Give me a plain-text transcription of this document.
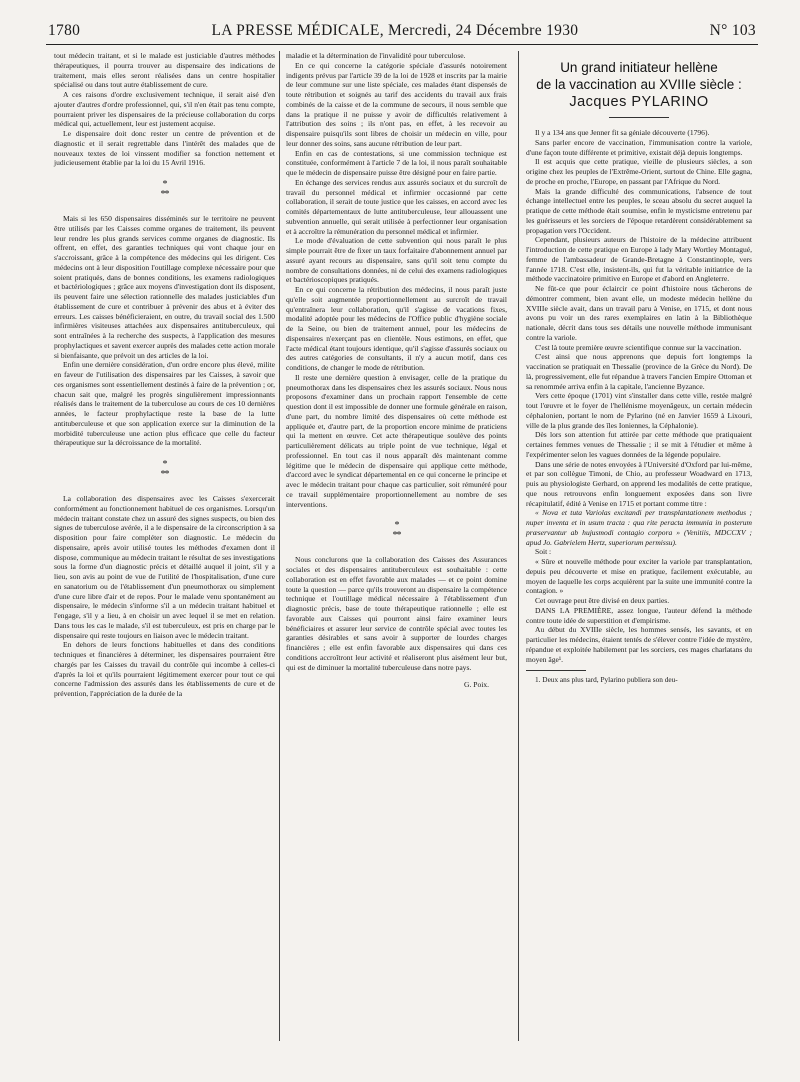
1780	LA PRESSE MÉDICALE, Mercredi, 24 Décembre 1930	N° 103

tout médecin traitant, et si le malade est justiciable d'autres méthodes thérapeutiques, il pourra trouver au dispensaire des indications de traitement, mais elles seront réalisées dans un centre hospitalier spécialisé ou dans tout autre établissement de cure.

A ces raisons d'ordre exclusivement technique, il serait aisé d'en ajouter d'autres d'ordre professionnel, qui, s'il n'en était pas tenu compte, pourraient priver les dispensaires de la précieuse collaboration du corps médical qui, actuellement, leur est justement acquise.

Le dispensaire doit donc rester un centre de prévention et de diagnostic et il serait regrettable dans l'intérêt des malades que de nouveaux textes de loi vinssent modifier sa fonction nettement et judicieusement établie par la loi du 15 Avril 1916.

*
**

Mais si les 650 dispensaires disséminés sur le territoire ne peuvent être utilisés par les Caisses comme organes de traitement, ils peuvent leur rendre les plus grands services comme organes de diagnostic. Ils offrent, en effet, des garanties techniques qui vont chaque jour en s'accroissant, grâce à la compétence des médecins qui les dirigent. Ces médecins ont à leur disposition l'outillage complexe nécessaire pour que soient pratiqués, dans de bonnes conditions, les examens radiologiques et bactériologiques ; grâce aux moyens d'investigation dont ils disposent, ils peuvent faire une sélection rationnelle des malades justiciables d'un établissement de cure et contribuer à prévenir des abus et à éviter des erreurs. Les caisses bénéficieraient, en outre, du travail social des 1.500 infirmières visiteuses attachées aux dispensaires antituberculeux, qui sont entraînées à la recherche des suspects, à l'application des mesures prophylactiques et savent exercer auprès des malades cette action morale si bienfaisante, que prévoit un des articles de la loi.

Enfin une dernière considération, d'un ordre encore plus élevé, milite en faveur de l'utilisation des dispensaires par les Caisses, à savoir que ces organismes sont essentiellement destinés à faire de la prévention ; or, chacun sait que, malgré les progrès singulièrement impressionnants réalisés dans le traitement de la tuberculose au cours de ces 10 dernières années, le facteur prophylactique reste la base de la lutte antituberculeuse et que son application exerce sur la diminution de la morbidité tuberculeuse une action plus efficace que celle du facteur thérapeutique sur la décroissance de la mortalité.

*
**

La collaboration des dispensaires avec les Caisses s'exercerait conformément au fonctionnement habituel de ces organismes. Lorsqu'un médecin traitant constate chez un assuré des signes suspects, ou bien des signes de tuberculose avérée, il a le dispensaire de la circonscription à sa disposition pour faire compléter son diagnostic. Le médecin du dispensaire, après avoir utilisé toutes les méthodes d'examen dont il dispose, communique au médecin traitant le résultat de ses investigations sous la forme d'un diagnostic précis et détaillé auquel il joint, s'il y a lieu, son avis au point de vue de l'utilité de l'hospitalisation, d'une cure en sanatorium ou de l'établissement d'un pneumothorax ou simplement d'une cure libre d'air et de repos. Pour le malade venu spontanément au dispensaire, le médecin s'informe s'il a un médecin traitant habituel et l'engage, s'il y a lieu, à en choisir un avec lequel il se met en relation. Dans tous les cas le malade, s'il est tuberculeux, est pris en charge par le dispensaire qui reste toujours en liaison avec le médecin traitant.

En dehors de leurs fonctions habituelles et dans des conditions techniques et financières à déterminer, les dispensaires pourraient être chargés par les Caisses du travail du contrôle qui incombe à celles-ci d'après la loi et qu'ils pourraient légitimement exercer pour tout ce qui concerne l'admission des assurés dans les établissements de cure et de prévention, l'appréciation de la durée de la

maladie et la détermination de l'invalidité pour tuberculose.

En ce qui concerne la catégorie spéciale d'assurés notoirement indigents prévus par l'article 39 de la loi de 1928 et inscrits par la mairie de leur commune sur une liste spéciale, ces malades étant dispensés de toute rétribution et soignés au tarif des accidents du travail aux frais combinés de la caisse et de la commune de secours, il nous semble que dans la pratique il ne puisse y avoir de difficultés relativement à l'attribution des soins ; ils n'ont pas, en effet, à les recevoir au dispensaire puisqu'ils sont libres de choisir un médecin en ville, pour leur donner des soins, sans aucune rétribution de leur part.

Enfin en cas de contestations, si une commission technique est constituée, conformément à l'article 7 de la loi, il nous paraît souhaitable que le médecin de dispensaire puisse être désigné pour en faire partie.

En échange des services rendus aux assurés sociaux et du surcroît de travail du personnel médical et infirmier occasionné par cette collaboration, il serait de toute justice que les caisses, en accord avec les comités départementaux de lutte antituberculeuse, leur allouassent une subvention annuelle, qui serait utilisée à perfectionner leur organisation et à accroître la rémunération du personnel médical et infirmier.

Le mode d'évaluation de cette subvention qui nous paraît le plus simple pourrait être de fixer un taux forfaitaire d'abonnement annuel par assuré ayant recours au dispensaire, sans qu'il soit tenu compte du nombre de consultations données, ni de celui des examens radiologiques et bactérioscopiques pratiqués.

En ce qui concerne la rétribution des médecins, il nous paraît juste qu'elle soit augmentée proportionnellement au surcroît de travail qu'entraînera leur collaboration, qu'il s'agisse de vacations fixes, modalité adoptée pour les médecins de l'Office public d'hygiène sociale de la Seine, ou bien de traitement annuel, pour les médecins de dispensaires n'exerçant pas en clientèle. Nous estimons, en effet, que l'acte médical étant toujours identique, qu'il s'agisse d'assurés sociaux ou des autres catégories de consultants, il n'y a aucun motif, dans ces conditions, de changer le mode de rétribution.

Il reste une dernière question à envisager, celle de la pratique du pneumothorax dans les dispensaires chez les assurés sociaux. Nous nous proposons d'examiner dans un prochain rapport l'ensemble de cette question dont il est impossible de donner une formule générale en raison, d'une part, du nombre limité des dispensaires où cette méthode est appliquée et, d'autre part, de la proportion encore minime de praticiens qui la mettent en œuvre. Cet acte thérapeutique soulève des points particulièrement délicats au triple point de vue technique, légal et professionnel. En tout cas il nous apparaît dès maintenant comme légitime que le médecin de dispensaire qui applique cette méthode, d'accord avec le syndicat départemental en ce qui concerne le principe et avec le médecin traitant pour chaque cas particulier, soit rémunéré pour ce travail supplémentaire proportionnellement au nombre de ses interventions.

*
**

Nous conclurons que la collaboration des Caisses des Assurances sociales et des dispensaires antituberculeux est souhaitable : cette collaboration est en effet favorable aux malades — et ce point domine toute la question — parce qu'ils trouveront au dispensaire la compétence technique et l'outillage médical nécessaire à l'établissement d'un diagnostic précis, base de toute thérapeutique rationnelle ; elle est favorable aux Caisses qui pourront ainsi faire examiner leurs bénéficiaires et assurer leur service de contrôle spécial avec toutes les garanties désirables et sans avoir à supporter de lourdes charges financières ; elle est enfin favorable aux dispensaires qui dans ces conditions accroîtront leur activité et réaliseront plus aisément leur but, qui est de diminuer la mortalité tuberculeuse dans notre pays.

G. Poix.
Un grand initiateur hellène
de la vaccination au XVIIIe siècle :
Jacques PYLARINO

Il y a 134 ans que Jenner fit sa géniale découverte (1796).

Sans parler encore de vaccination, l'immunisation contre la variole, d'une façon toute différente et primitive, existait déjà depuis longtemps.

Il est acquis que cette pratique, vieille de plusieurs siècles, a son origine chez les peuples de l'Extrême-Orient, surtout de Chine. Elle gagna, de proche en proche, l'Europe, en passant par l'Afrique du Nord.

Mais la grande difficulté des communications, l'absence de tout échange intellectuel entre les peuples, le sceau absolu du secret auquel la pratique de cette méthode était soumise, enfin le mysticisme entretenu par les guérisseurs et les sorciers de l'époque retardèrent considérablement sa propagation vers l'Occident.

Cependant, plusieurs auteurs de l'histoire de la médecine attribuent l'introduction de cette pratique en Europe à lady Mary Wortley Montagué, femme de l'ambassadeur de Grande-Bretagne à Constantinople, vers l'année 1718. C'est elle, insistent-ils, qui fut la véritable initiatrice de la méthode vaccinatoire primitive en Europe et d'abord en Angleterre.

Ne fût-ce que pour éclaircir ce point d'histoire nous tâcherons de démontrer comment, bien avant elle, un modeste médecin hellène du XVIIIe siècle avait, dans un travail paru à Venise, en 1715, et dont nous avons pu voir un des rares exemplaires en latin à la Bibliothèque nationale, décrit dans tous ses détails une nouvelle méthode immunisant contre la variole.

C'est là toute première œuvre scientifique connue sur la vaccination.

C'est ainsi que nous apprenons que depuis fort longtemps la vaccination se pratiquait en Thessalie (province de la Grèce du Nord). De là, progressivement, elle fut répandue à travers l'ancien Empire Ottoman et sa renommée arriva enfin à la capitale, l'ancienne Byzance.

Vers cette époque (1701) vint s'installer dans cette ville, restée malgré tout l'œuvre et le foyer de l'hellénisme moyenâgeux, un certain médecin céphalonien, portant le nom de Pylarino (né en Janvier 1659 à Lixouri, ville de la plus grande des îles Ioniennes, la Céphalonie).

Dès lors son attention fut attirée par cette méthode que pratiquaient certaines femmes venues de Thessalie ; il se mit à l'étudier et même à l'expérimenter selon les vagues données de la légende populaire.

Dans une série de notes envoyées à l'Université d'Oxford par lui-même, et par son collègue Timoni, de Chio, au professeur Woadward en 1713, puis au physiologiste Gerhard, on apprend les modalités de cette pratique, que nous retrouvons enfin longuement exposées dans son livre récapitulatif, édité à Venise en 1715 et portant comme titre :

« Nova et tuta Variolas excitandi per transplantationem methodus ; nuper inventa et in usum tracta : qua rite peracta immunia in posterum præservantur ab hujusmodi contagio corpora » (Venitiis, MDCCXV ; apud Jo. Gabrielem Hertz, superiorum permissu).

Soit :

« Sûre et nouvelle méthode pour exciter la variole par transplantation, depuis peu découverte et mise en pratique, facilement exécutable, au moyen de laquelle les corps acquièrent par la suite une immunité contre la contagion. »

Cet ouvrage peut être divisé en deux parties.

DANS LA PREMIÈRE, assez longue, l'auteur défend la méthode contre toute idée de superstition et d'empirisme.

Au début du XVIIIe siècle, les hommes sensés, les savants, et en particulier les médecins, étaient tentés de s'élever contre l'idée de mystère, répandue et exploitée habilement par les sorciers, ces mages charlatans du moyen âge¹.

1. Deux ans plus tard, Pylarino publiera son deu-
